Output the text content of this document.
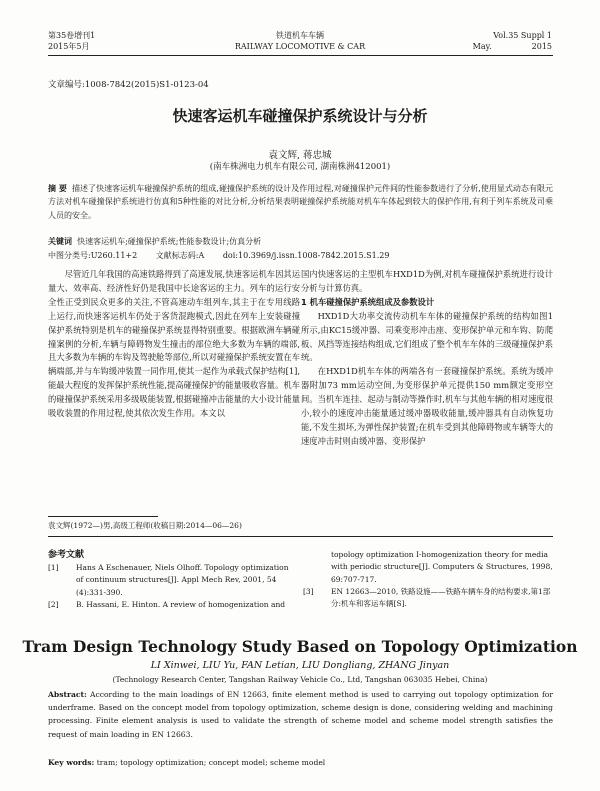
第35卷增刊1
2015年5月
铁道机车车辆
RAILWAY LOCOMOTIVE & CAR
Vol.35 Suppl 1
May.	2015
文章编号:1008-7842(2015)S1-0123-04
快速客运机车碰撞保护系统设计与分析
袁文辉, 蒋忠城
(南车株洲电力机车有限公司, 湖南株洲412001)
摘 要 描述了快速客运机车碰撞保护系统的组成,碰撞保护系统的设计及作用过程,对碰撞保护元件间的性能参数进行了分析,使用显式动态有限元方法对机车碰撞保护系统进行仿真和5种性能的对比分析,分析结果表明碰撞保护系统能对机车车体起到较大的保护作用,有利于列车系统及司乘人员的安全。
关键词 快速客运机车;碰撞保护系统;性能参数设计;仿真分析
中图分类号:U260.11+2 文献标志码:A doi:10.3969/j.issn.1008-7842.2015.S1.29

尽管近几年我国的高速铁路得到了高速发展,快速客运机车因其运量大、效率高、经济性好仍是我国中长途客运的主力。列车的运行安全性正受到民众更多的关注,不管高速动车组列车,其主于在专用线路上运行,而快速客运机车仍处于客货混跑模式,因此在列车上安装碰撞保护系统特别是机车的碰撞保护系统显得特别重要。根据欧洲车辆碰撞案例的分析,车辆与障碍物发生撞击的部位绝大多数为车辆的端部,且大多数为车辆的车钩及驾驶舱等部位,所以对碰撞保护系统安置在车辆端部,并与车钩缓冲装置一同作用,使其一起作为承载式保护结构[1],能最大程度的发挥保护系统性能,提高碰撞保护的能量吸收容量。机车的碰撞保护系统采用多级吸能装置,根据碰撞冲击能量的大小设计能量吸收装置的作用过程,使其依次发生作用。本文以

国内快速客运的主型机车HXD1D为例,对机车碰撞保护系统进行设计分析与计算仿真。

1 机车碰撞保护系统组成及参数设计

HXD1D大功率交流传动机车车体的碰撞保护系统的结构如图1所示,由KC15缓冲器、司乘变形冲击座、变形保护单元和车钩、防爬板、风挡等连接结构组成,它们组成了整个机车车体的三级碰撞保护系统。

在HXD1D机车车体的两端各有一套碰撞保护系统。系统为缓冲器附加73 mm运动空间,为变形保护单元提供150 mm额定变形空间。当机车连挂、起动与制动等操作时,机车与其他车辆的相对速度很小,较小的速度冲击能量通过缓冲器吸收能量,缓冲器具有自动恢复功能,不发生损坏,为弹性保护装置;在机车受到其他障碍物或车辆等大的速度冲击时则由缓冲器、变形保护

袁文辉(1972—)男,高级工程师(收稿日期:2014—06—26)
参考文献
[1] Hans A Eschenauer, Niels Olhoff. Topology optimization of continuum structures[J]. Appl Mech Rev, 2001, 54 (4):331-390.
[2] B. Hassani, E. Hinton. A review of homogenization and
topology optimization I-homogenization theory for media with periodic structure[J]. Computers & Structures, 1998, 69:707-717.
[3] EN 12663—2010, 铁路设施——铁路车辆车身的结构要求,第1部分:机车和客运车辆[S].
Tram Design Technology Study Based on Topology Optimization
LI Xinwei, LIU Yu, FAN Letian, LIU Dongliang, ZHANG Jinyan
(Technology Research Center, Tangshan Railway Vehicle Co., Ltd, Tangshan 063035 Hebei, China)
Abstract: According to the main loadings of EN 12663, finite element method is used to carrying out topology optimization for underframe. Based on the concept model from topology optimization, scheme design is done, considering welding and machining processing. Finite element analysis is used to validate the strength of scheme model and scheme model strength satisfies the request of main loading in EN 12663.
Key words: tram; topology optimization; concept model; scheme model
